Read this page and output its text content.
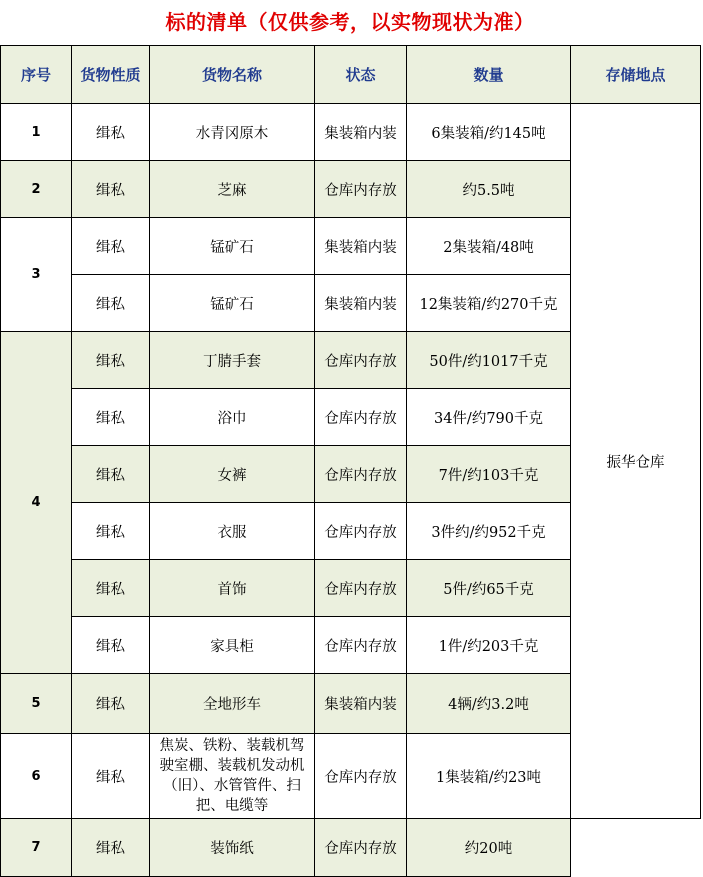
标的清单（仅供参考，以实物现状为准）
序号	货物性质	货物名称	状态	数量	存储地点
1	缉私	水青冈原木	集装箱内装	6集装箱/约145吨	振华仓库
2	缉私	芝麻	仓库内存放	约5.5吨	
3	缉私	锰矿石	集装箱内装	2集装箱/48吨	
	缉私	锰矿石	集装箱内装	12集装箱/约270千克	
4	缉私	丁腈手套	仓库内存放	50件/约1017千克	
	缉私	浴巾	仓库内存放	34件/约790千克	
	缉私	女裤	仓库内存放	7件/约103千克	
	缉私	衣服	仓库内存放	3件约/约952千克	
	缉私	首饰	仓库内存放	5件/约65千克	
	缉私	家具柜	仓库内存放	1件/约203千克	
5	缉私	全地形车	集装箱内装	4辆/约3.2吨	
6	缉私	焦炭、铁粉、装载机驾驶室棚、装载机发动机（旧）、水管管件、扫把、电缆等	仓库内存放	1集装箱/约23吨	
7	缉私	装饰纸	仓库内存放	约20吨	
